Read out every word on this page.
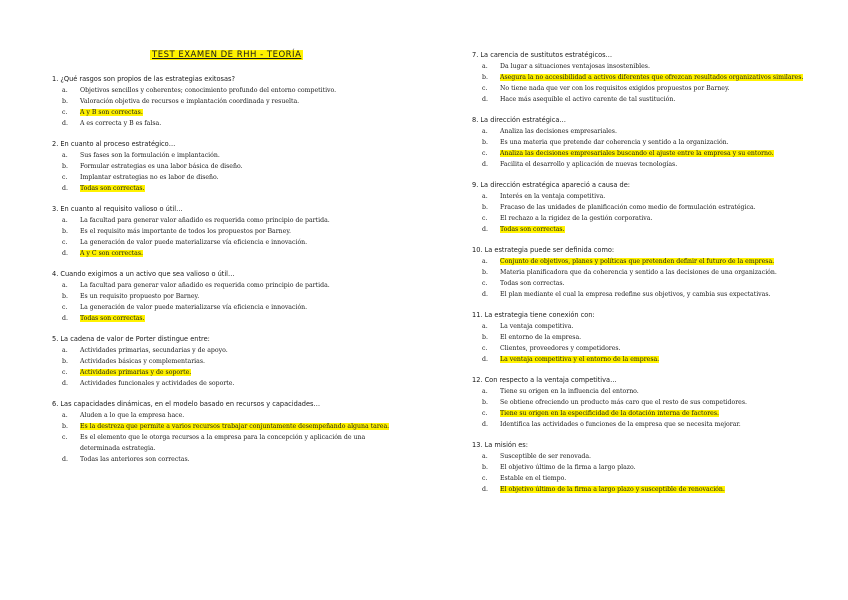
TEST EXAMEN DE RHH - TEORÍA
1. ¿Qué rasgos son propios de las estrategias exitosas?
a.	Objetivos sencillos y coherentes; conocimiento profundo del entorno competitivo.
b.	Valoración objetiva de recursos e implantación coordinada y resuelta.
c.	A y B son correctas.
d.	A es correcta y B es falsa.
2. En cuanto al proceso estratégico…
a.	Sus fases son la formulación e implantación.
b.	Formular estrategias es una labor básica de diseño.
c.	Implantar estrategias no es labor de diseño.
d.	Todas son correctas.
3. En cuanto al requisito valioso o útil…
a.	La facultad para generar valor añadido es requerida como principio de partida.
b.	Es el requisito más importante de todos los propuestos por Barney.
c.	La generación de valor puede materializarse vía eficiencia e innovación.
d.	A y C son correctas.
4. Cuando exigimos a un activo que sea valioso o útil…
a.	La facultad para generar valor añadido es requerida como principio de partida.
b.	Es un requisito propuesto por Barney.
c.	La generación de valor puede materializarse vía eficiencia e innovación.
d.	Todas son correctas.
5. La cadena de valor de Porter distingue entre:
a.	Actividades primarias, secundarias y de apoyo.
b.	Actividades básicas y complementarias.
c.	Actividades primarias y de soporte.
d.	Actividades funcionales y actividades de soporte.
6. Las capacidades dinámicas, en el modelo basado en recursos y capacidades…
a.	Aluden a lo que la empresa hace.
b.	Es la destreza que permite a varios recursos trabajar conjuntamente desempeñando alguna tarea.
c.	Es el elemento que le otorga recursos a la empresa para la concepción y aplicación de una determinada estrategia.
d.	Todas las anteriores son correctas.
7. La carencia de sustitutos estratégicos…
a.	Da lugar a situaciones ventajosas insostenibles.
b.	Asegura la no accesibilidad a activos diferentes que ofrezcan resultados organizativos similares.
c.	No tiene nada que ver con los requisitos exigidos propuestos por Barney.
d.	Hace más asequible el activo carente de tal sustitución.
8. La dirección estratégica…
a.	Analiza las decisiones empresariales.
b.	Es una materia que pretende dar coherencia y sentido a la organización.
c.	Analiza las decisiones empresariales buscando el ajuste entre la empresa y su entorno.
d.	Facilita el desarrollo y aplicación de nuevas tecnologías.
9. La dirección estratégica apareció a causa de:
a.	Interés en la ventaja competitiva.
b.	Fracaso de las unidades de planificación como medio de formulación estratégica.
c.	El rechazo a la rigidez de la gestión corporativa.
d.	Todas son correctas.
10. La estrategia puede ser definida como:
a.	Conjunto de objetivos, planes y políticas que pretenden definir el futuro de la empresa.
b.	Materia planificadora que da coherencia y sentido a las decisiones de una organización.
c.	Todas son correctas.
d.	El plan mediante el cual la empresa redefine sus objetivos, y cambia sus expectativas.
11. La estrategia tiene conexión con:
a.	La ventaja competitiva.
b.	El entorno de la empresa.
c.	Clientes, proveedores y competidores.
d.	La ventaja competitiva y el entorno de la empresa.
12. Con respecto a la ventaja competitiva…
a.	Tiene su origen en la influencia del entorno.
b.	Se obtiene ofreciendo un producto más caro que el resto de sus competidores.
c.	Tiene su origen en la especificidad de la dotación interna de factores.
d.	Identifica las actividades o funciones de la empresa que se necesita mejorar.
13. La misión es:
a.	Susceptible de ser renovada.
b.	El objetivo último de la firma a largo plazo.
c.	Estable en el tiempo.
d.	El objetivo último de la firma a largo plazo y susceptible de renovación.
